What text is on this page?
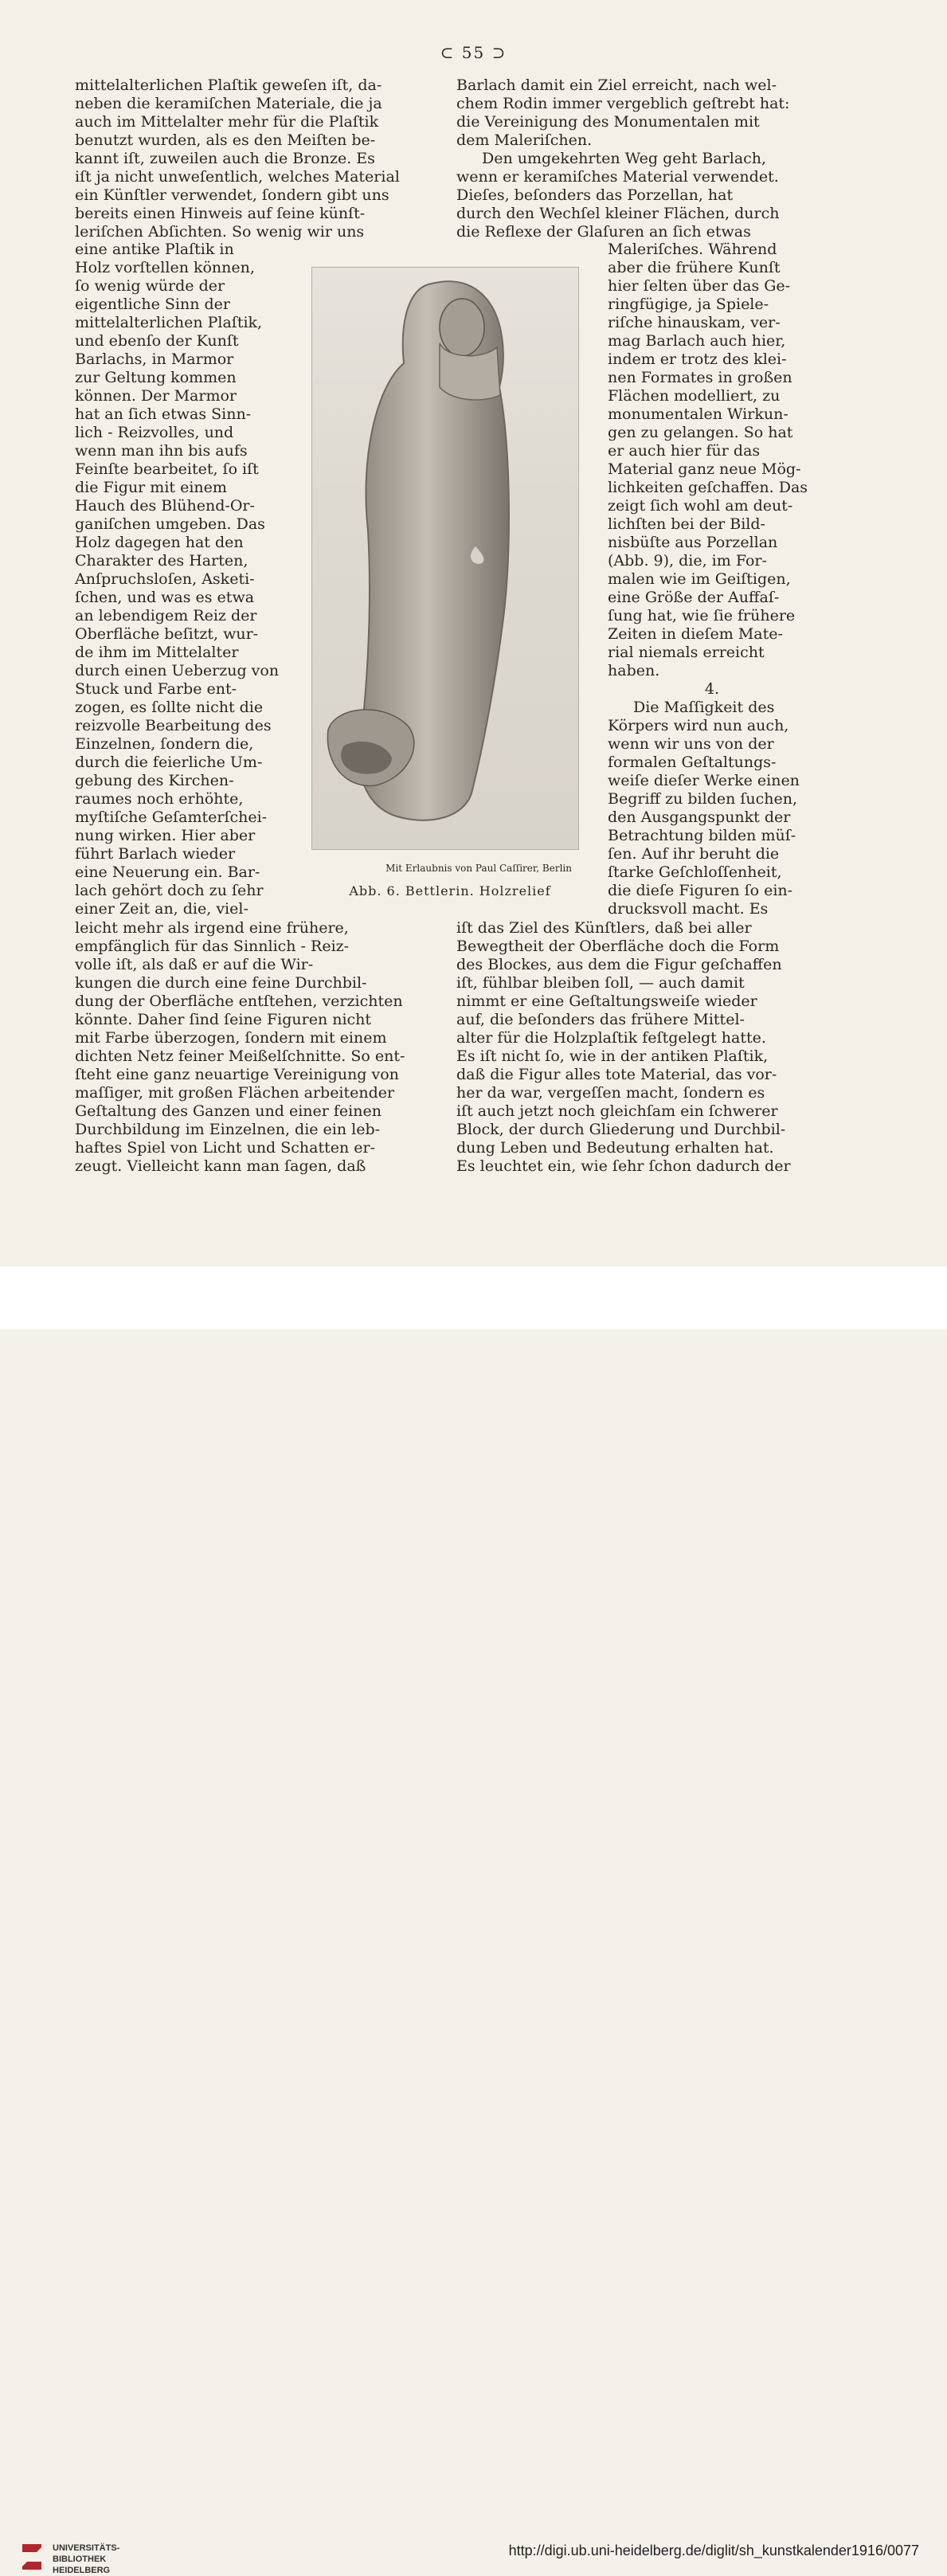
⊂ 55 ⊃

mittelalterlichen Plaſtik geweſen iſt, da-

neben die keramiſchen Materiale, die ja

auch im Mittelalter mehr für die Plaſtik

benutzt wurden, als es den Meiſten be-

kannt iſt, zuweilen auch die Bronze. Es

iſt ja nicht unweſentlich, welches Material

ein Künſtler verwendet, ſondern gibt uns

bereits einen Hinweis auf ſeine künſt-

leriſchen Abſichten. So wenig wir uns

eine antike Plaſtik in

Holz vorſtellen können,

ſo wenig würde der

eigentliche Sinn der

mittelalterlichen Plaſtik,

und ebenſo der Kunſt

Barlachs, in Marmor

zur Geltung kommen

können. Der Marmor

hat an ſich etwas Sinn-

lich - Reizvolles, und

wenn man ihn bis aufs

Feinſte bearbeitet, ſo iſt

die Figur mit einem

Hauch des Blühend-Or-

ganiſchen umgeben. Das

Holz dagegen hat den

Charakter des Harten,

Anſpruchsloſen, Asketi-

ſchen, und was es etwa

an lebendigem Reiz der

Oberfläche beſitzt, wur-

de ihm im Mittelalter

durch einen Ueberzug von

Stuck und Farbe ent-

zogen, es ſollte nicht die

reizvolle Bearbeitung des

Einzelnen, ſondern die,

durch die feierliche Um-

gebung des Kirchen-

raumes noch erhöhte,

myſtiſche Geſamterſchei-

nung wirken. Hier aber

führt Barlach wieder

eine Neuerung ein. Bar-

lach gehört doch zu ſehr

einer Zeit an, die, viel-

leicht mehr als irgend eine frühere,

empfänglich für das Sinnlich - Reiz-

volle iſt, als daß er auf die Wir-

kungen die durch eine feine Durchbil-

dung der Oberfläche entſtehen, verzichten

könnte. Daher ſind ſeine Figuren nicht

mit Farbe überzogen, ſondern mit einem

dichten Netz feiner Meißelſchnitte. So ent-

ſteht eine ganz neuartige Vereinigung von

maſſiger, mit großen Flächen arbeitender

Geſtaltung des Ganzen und einer feinen

Durchbildung im Einzelnen, die ein leb-

haftes Spiel von Licht und Schatten er-

zeugt. Vielleicht kann man ſagen, daß

Barlach damit ein Ziel erreicht, nach wel-

chem Rodin immer vergeblich geſtrebt hat:

die Vereinigung des Monumentalen mit

dem Maleriſchen.

Den umgekehrten Weg geht Barlach,

wenn er keramiſches Material verwendet.

Dieſes, beſonders das Porzellan, hat

durch den Wechſel kleiner Flächen, durch

die Reflexe der Glaſuren an ſich etwas

Maleriſches. Während

aber die frühere Kunſt

hier ſelten über das Ge-

ringfügige, ja Spiele-

riſche hinauskam, ver-

mag Barlach auch hier,

indem er trotz des klei-

nen Formates in großen

Flächen modelliert, zu

monumentalen Wirkun-

gen zu gelangen. So hat

er auch hier für das

Material ganz neue Mög-

lichkeiten geſchaffen. Das

zeigt ſich wohl am deut-

lichſten bei der Bild-

nisbüſte aus Porzellan

(Abb. 9), die, im For-

malen wie im Geiſtigen,

eine Größe der Auffaſ-

ſung hat, wie ſie frühere

Zeiten in dieſem Mate-

rial niemals erreicht

haben.

4.

Die Maſſigkeit des

Körpers wird nun auch,

wenn wir uns von der

formalen Geſtaltungs-

weiſe dieſer Werke einen

Begriff zu bilden ſuchen,

den Ausgangspunkt der

Betrachtung bilden müſ-

ſen. Auf ihr beruht die

ſtarke Geſchloſſenheit,

die dieſe Figuren ſo ein-

drucksvoll macht. Es

iſt das Ziel des Künſtlers, daß bei aller

Bewegtheit der Oberfläche doch die Form

des Blockes, aus dem die Figur geſchaffen

iſt, fühlbar bleiben ſoll, — auch damit

nimmt er eine Geſtaltungsweiſe wieder

auf, die beſonders das frühere Mittel-

alter für die Holzplaſtik feſtgelegt hatte.

Es iſt nicht ſo, wie in der antiken Plaſtik,

daß die Figur alles tote Material, das vor-

her da war, vergeſſen macht, ſondern es

iſt auch jetzt noch gleichſam ein ſchwerer

Block, der durch Gliederung und Durchbil-

dung Leben und Bedeutung erhalten hat.

Es leuchtet ein, wie ſehr ſchon dadurch der

Mit Erlaubnis von Paul Caſſirer, Berlin
Abb. 6. Bettlerin. Holzrelief
UNIVERSITÄTS-
BIBLIOTHEK
HEIDELBERG
http://digi.ub.uni-heidelberg.de/diglit/sh_kunstkalender1916/0077
